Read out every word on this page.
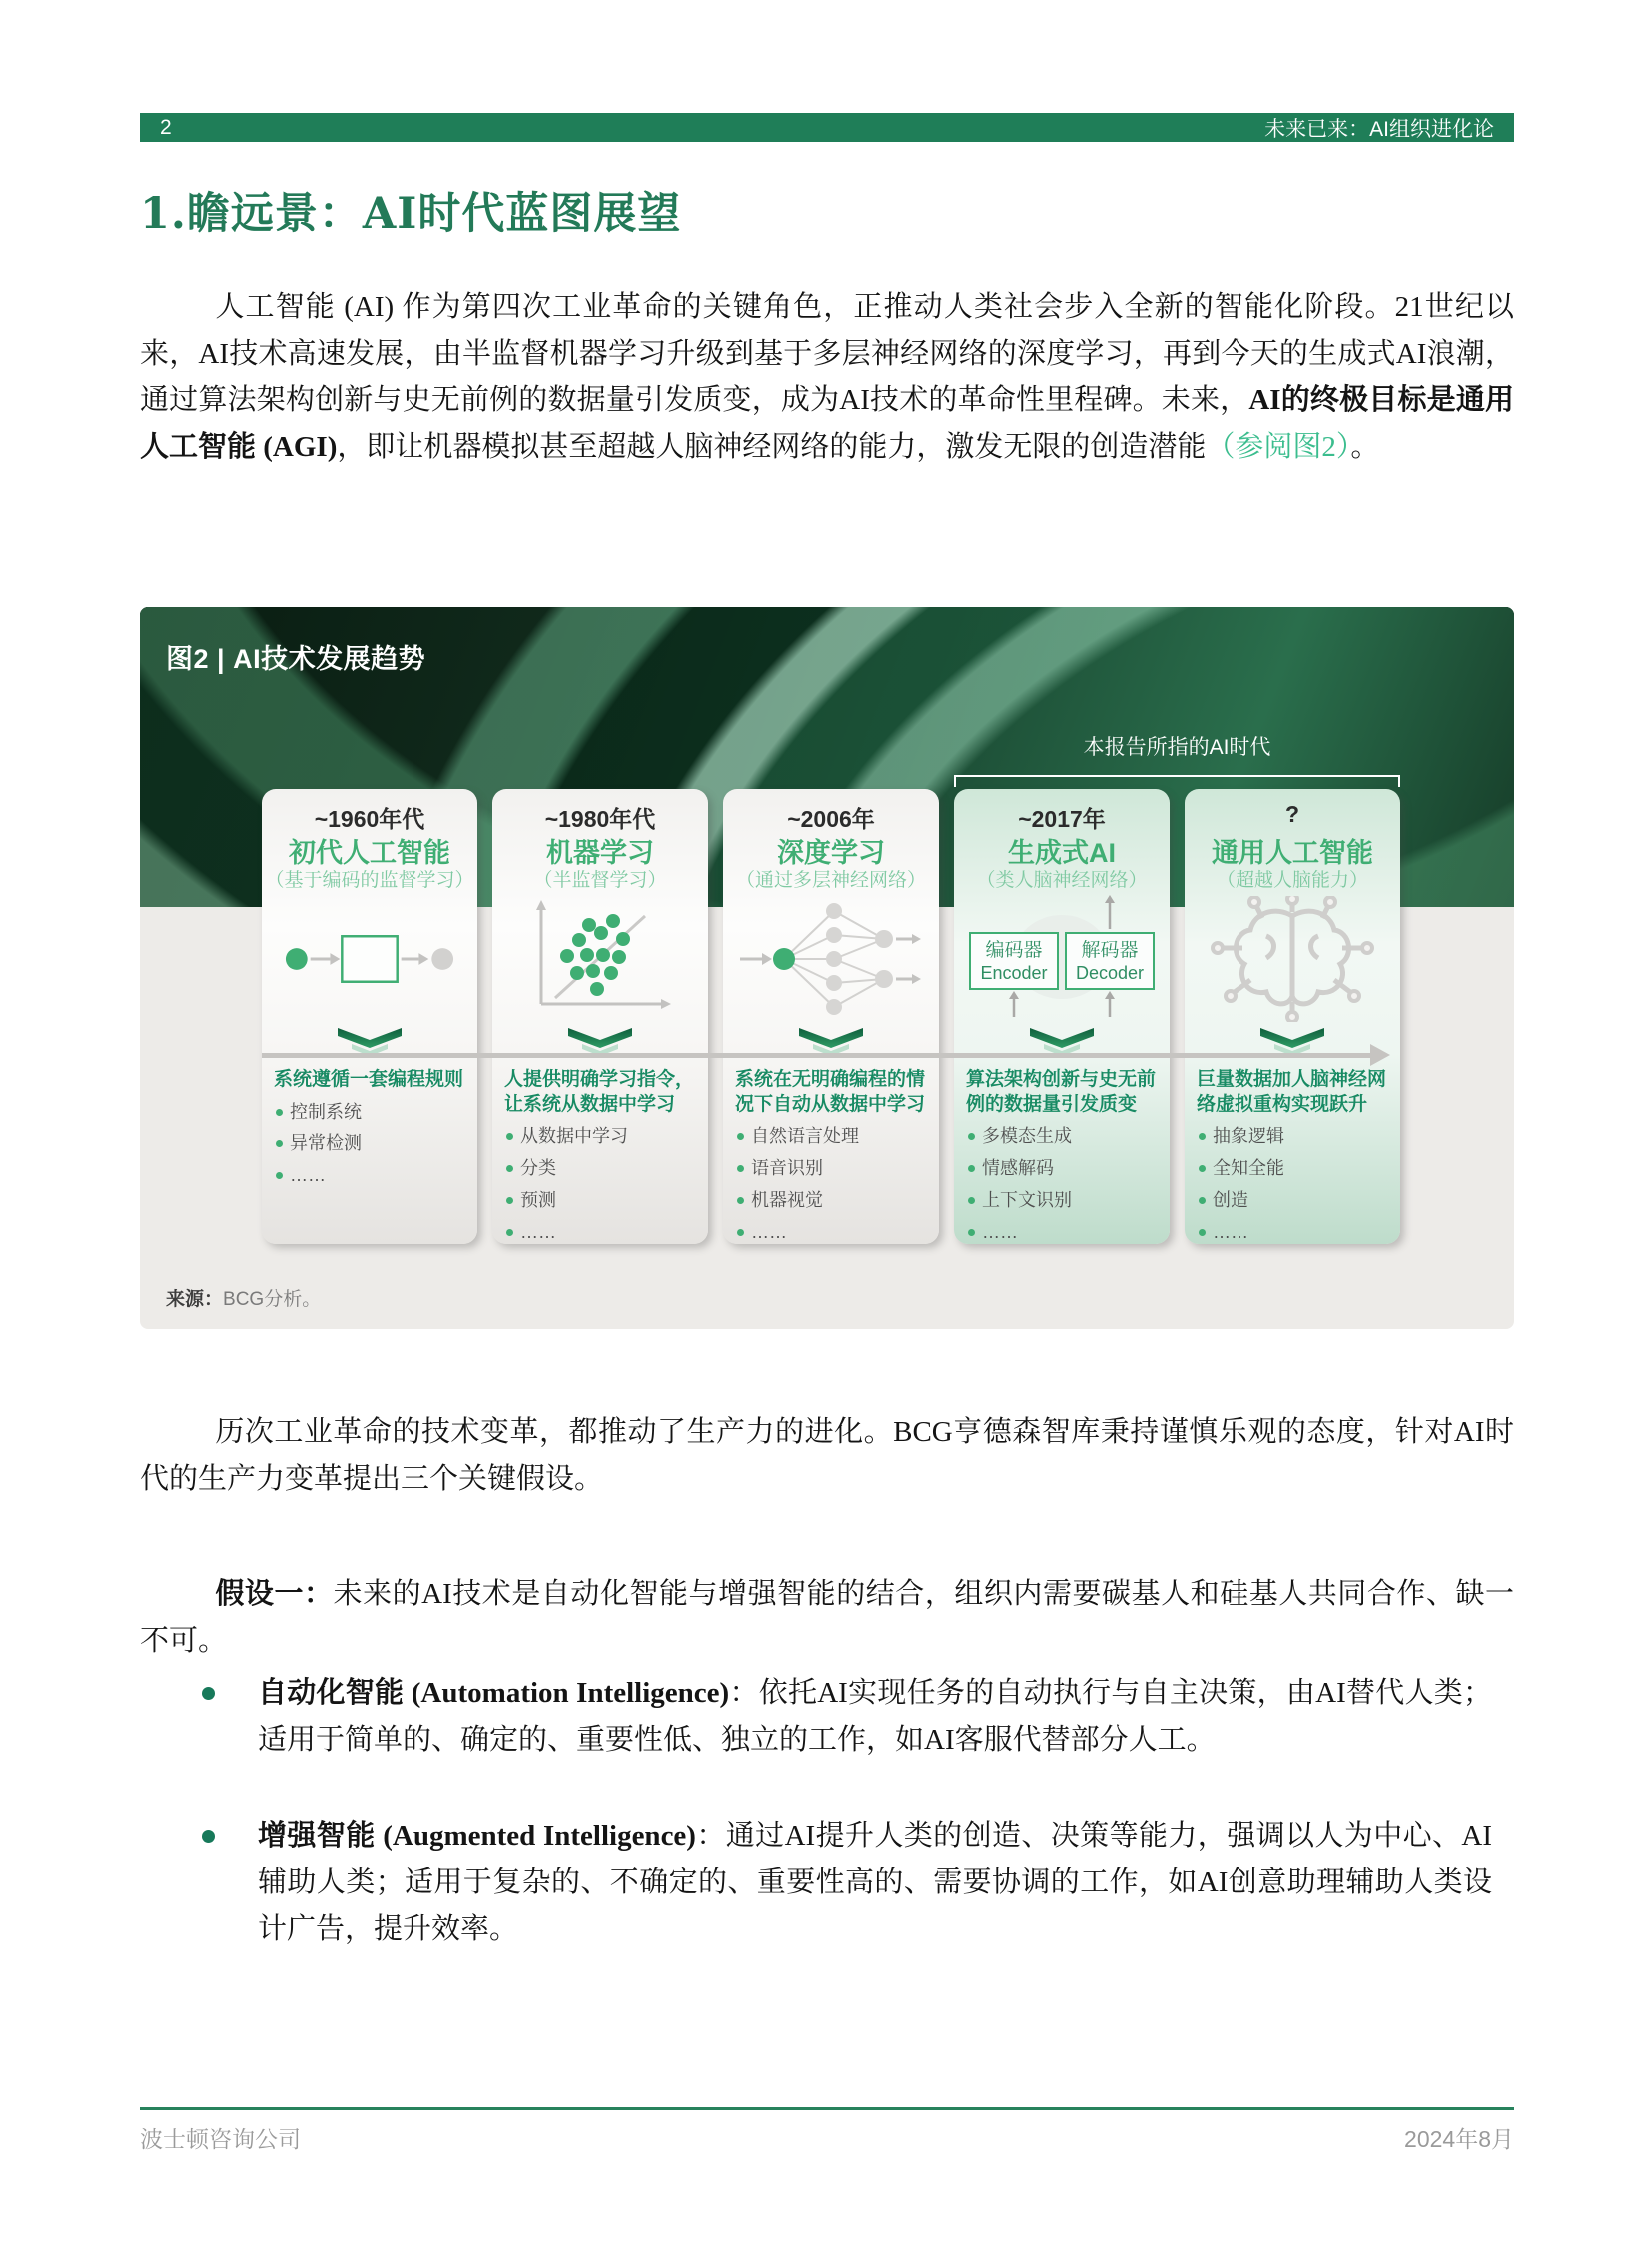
2	未来已来：AI组织进化论
1.瞻远景：AI时代蓝图展望

人工智能 (AI) 作为第四次工业革命的关键角色，正推动人类社会步入全新的智能化阶段。21世纪以来，AI技术高速发展，由半监督机器学习升级到基于多层神经网络的深度学习，再到今天的生成式AI浪潮，通过算法架构创新与史无前例的数据量引发质变，成为AI技术的革命性里程碑。未来，AI的终极目标是通用人工智能 (AGI)，即让机器模拟甚至超越人脑神经网络的能力，激发无限的创造潜能（参阅图2）。

图2 | AI技术发展趋势
本报告所指的AI时代
~1960年代
初代人工智能
（基于编码的监督学习）
系统遵循一套编程规则
控制系统
异常检测
……
~1980年代
机器学习
（半监督学习）
人提供明确学习指令，让系统从数据中学习
从数据中学习
分类
预测
……
~2006年
深度学习
（通过多层神经网络）
系统在无明确编程的情况下自动从数据中学习
自然语言处理
语音识别
机器视觉
……
~2017年
生成式AI
（类人脑神经网络）
编码器
Encoder
解码器
Decoder
算法架构创新与史无前例的数据量引发质变
多模态生成
情感解码
上下文识别
……
?
通用人工智能
（超越人脑能力）
巨量数据加人脑神经网络虚拟重构实现跃升
抽象逻辑
全知全能
创造
……
来源：BCG分析。

历次工业革命的技术变革，都推动了生产力的进化。BCG亨德森智库秉持谨慎乐观的态度，针对AI时代的生产力变革提出三个关键假设。

假设一：未来的AI技术是自动化智能与增强智能的结合，组织内需要碳基人和硅基人共同合作、缺一不可。

自动化智能 (Automation Intelligence)：依托AI实现任务的自动执行与自主决策，由AI替代人类；适用于简单的、确定的、重要性低、独立的工作，如AI客服代替部分人工。
增强智能 (Augmented Intelligence)：通过AI提升人类的创造、决策等能力，强调以人为中心、AI辅助人类；适用于复杂的、不确定的、重要性高的、需要协调的工作，如AI创意助理辅助人类设计广告，提升效率。
波士顿咨询公司	2024年8月
